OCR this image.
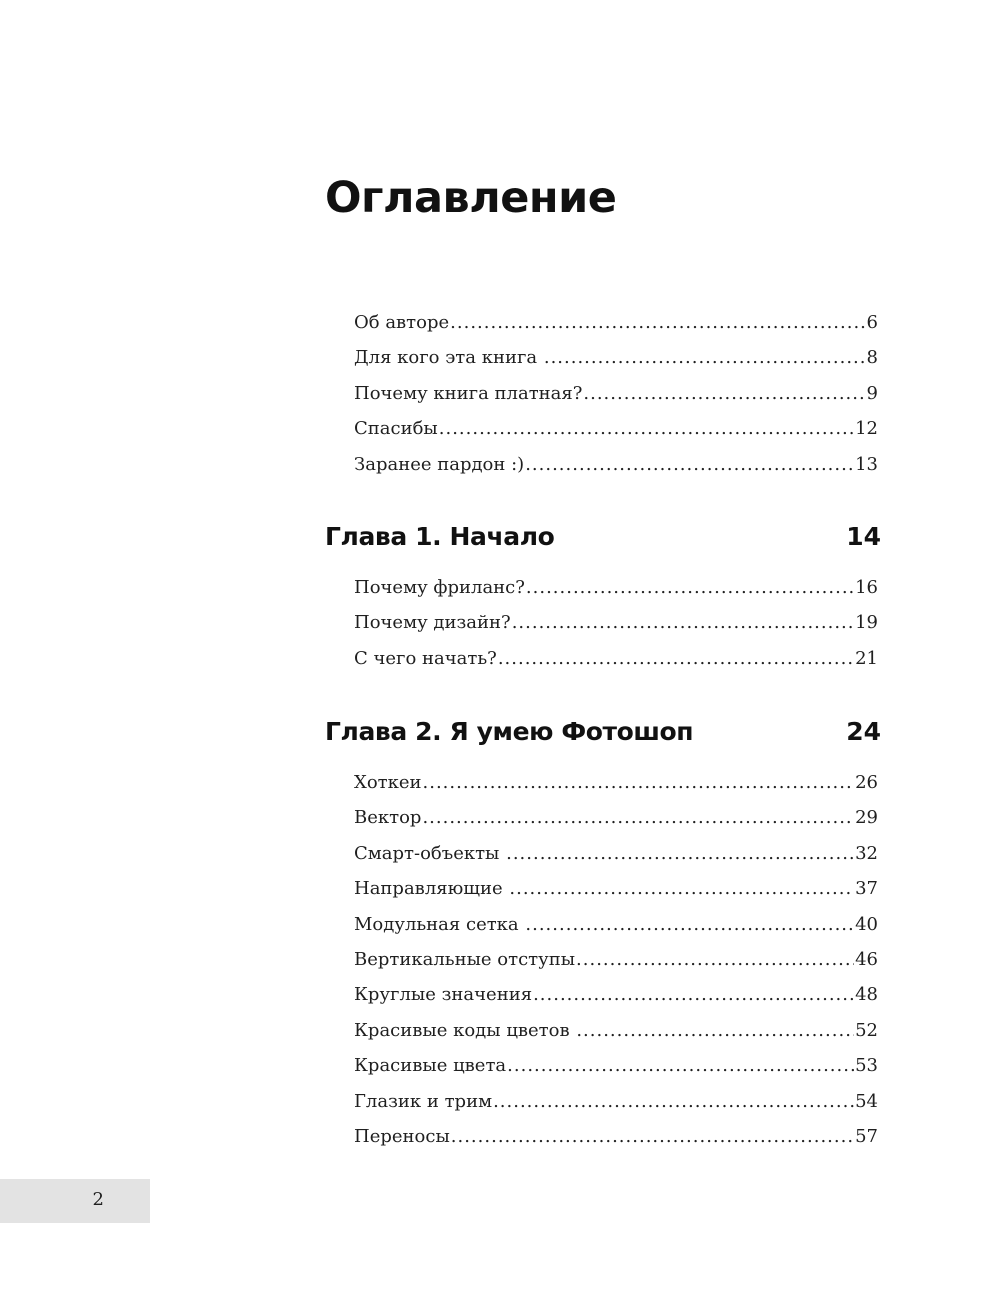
Оглавление
Об авторе .....	6
Для кого эта книга .....	8
Почему книга платная? .....	9
Спасибы .....	12
Заранее пардон :) .....	13
Глава 1. Начало	14
Почему фриланс? .....	16
Почему дизайн? .....	19
С чего начать? .....	21
Глава 2. Я умею Фотошоп	24
Хоткеи .....	26
Вектор .....	29
Смарт-объекты .....	32
Направляющие .....	37
Модульная сетка .....	40
Вертикальные отступы .....	46
Круглые значения .....	48
Красивые коды цветов .....	52
Красивые цвета .....	53
Глазик и трим .....	54
Переносы .....	57
2
